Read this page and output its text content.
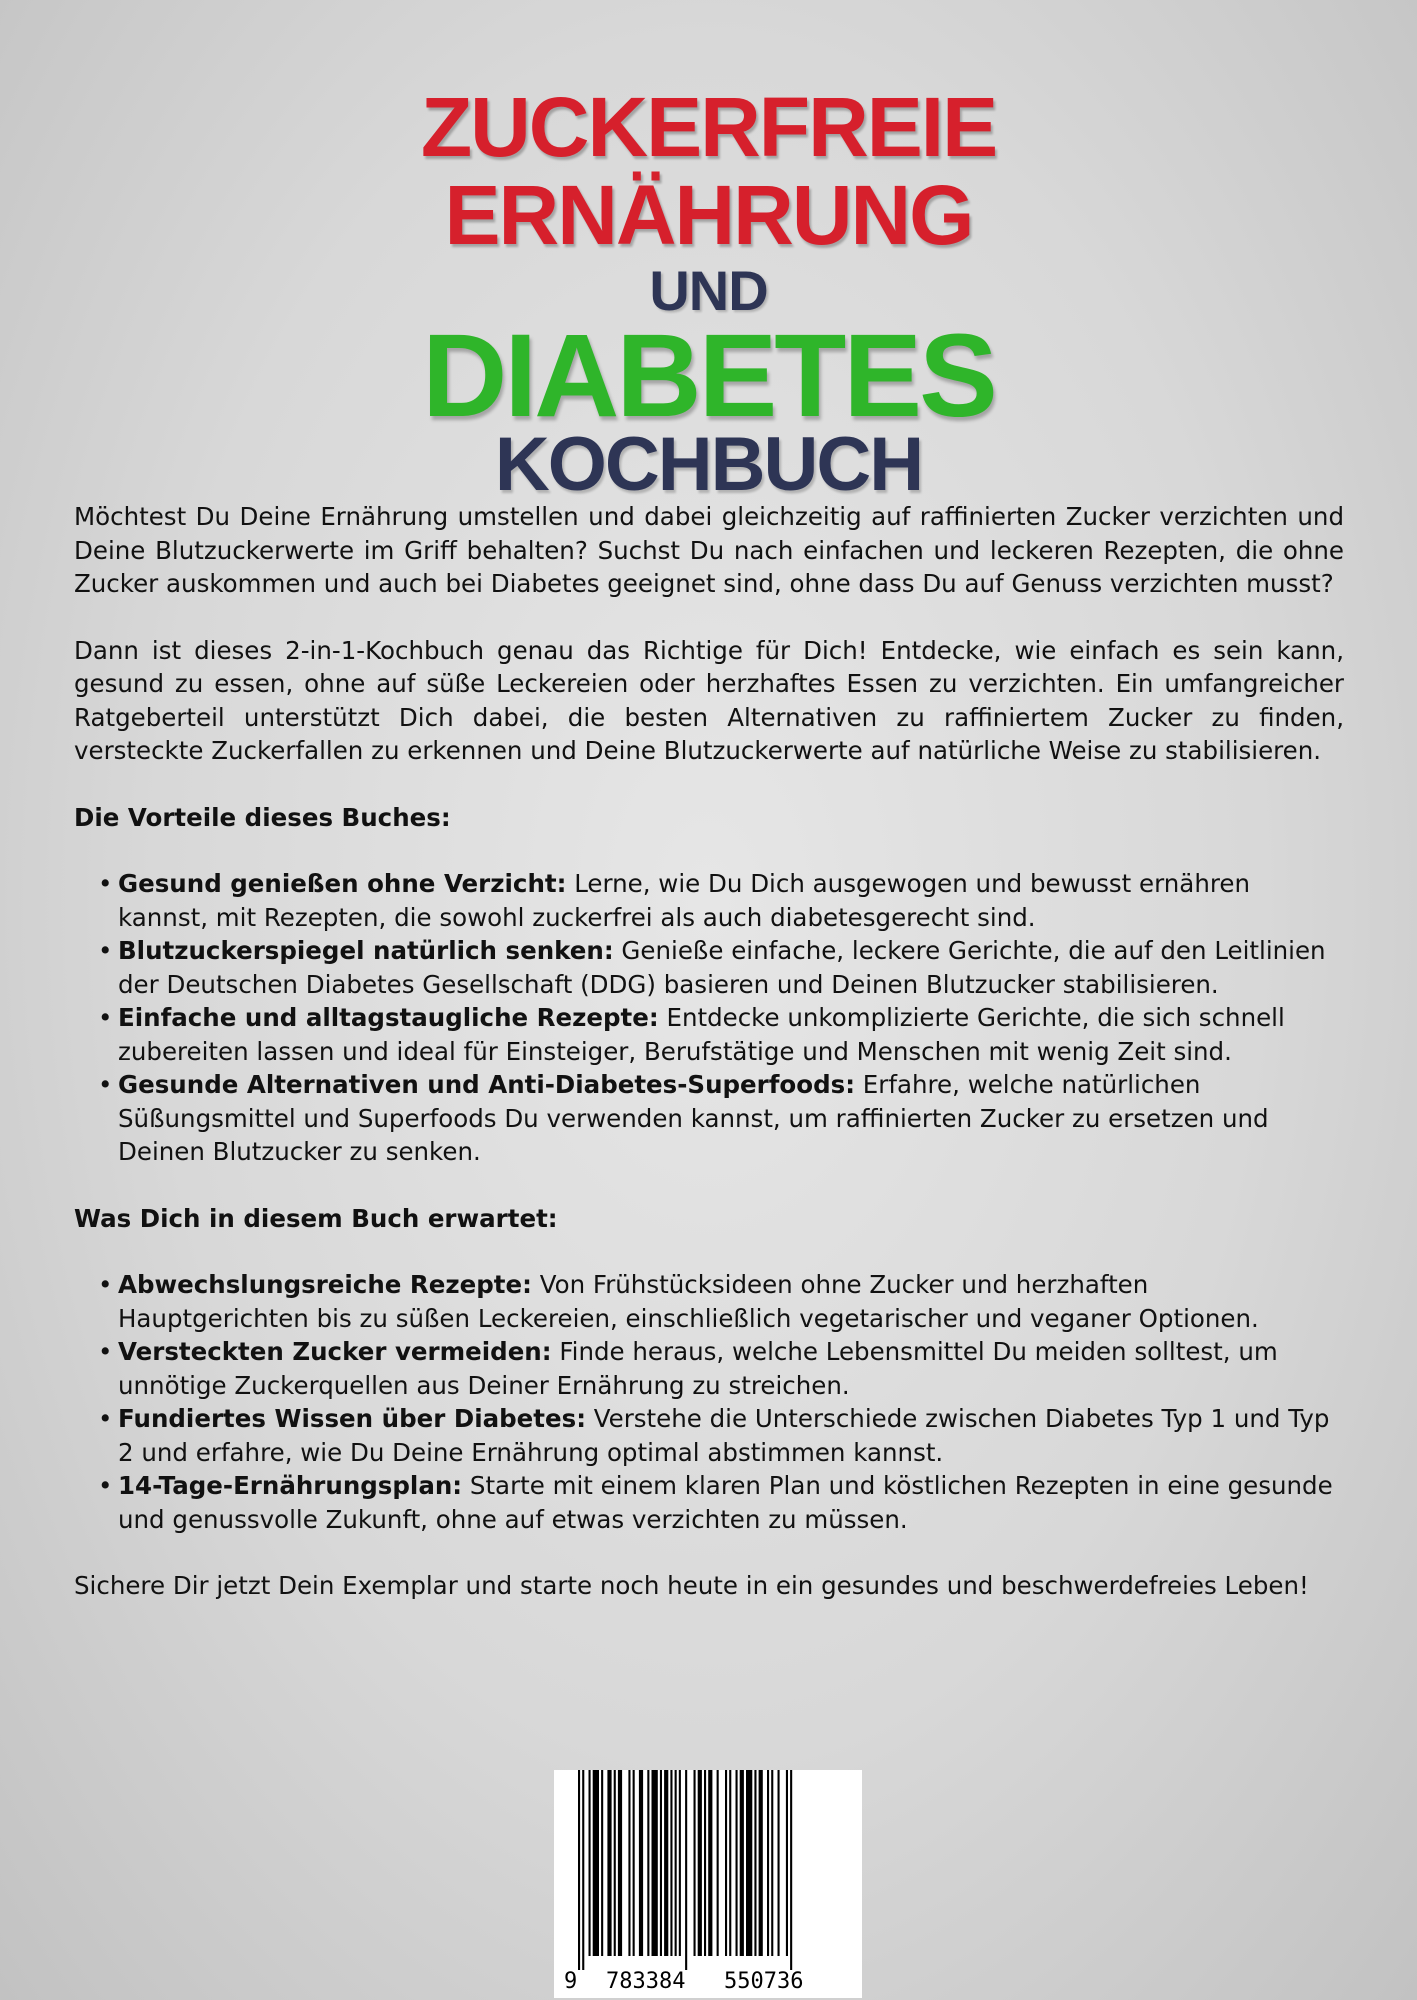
ZUCKERFREIE
ERNÄHRUNG
UND
DIABETES
KOCHBUCH

Möchtest Du Deine Ernährung umstellen und dabei gleichzeitig auf raffinierten Zucker verzichten und Deine Blutzuckerwerte im Griff behalten? Suchst Du nach einfachen und leckeren Rezepten, die ohne Zucker auskommen und auch bei Diabetes geeignet sind, ohne dass Du auf Genuss verzichten musst?

Dann ist dieses 2-in-1-Kochbuch genau das Richtige für Dich! Entdecke, wie einfach es sein kann, gesund zu essen, ohne auf süße Leckereien oder herzhaftes Essen zu verzichten. Ein umfangreicher Ratgeberteil unterstützt Dich dabei, die besten Alternativen zu raffiniertem Zucker zu finden, versteckte Zuckerfallen zu erkennen und Deine Blutzuckerwerte auf natürliche Weise zu stabilisieren.

Die Vorteile dieses Buches:

• Gesund genießen ohne Verzicht: Lerne, wie Du Dich ausgewogen und bewusst ernähren kannst, mit Rezepten, die sowohl zuckerfrei als auch diabetesgerecht sind.
• Blutzuckerspiegel natürlich senken: Genieße einfache, leckere Gerichte, die auf den Leitlinien der Deutschen Diabetes Gesellschaft (DDG) basieren und Deinen Blutzucker stabilisieren.
• Einfache und alltagstaugliche Rezepte: Entdecke unkomplizierte Gerichte, die sich schnell zubereiten lassen und ideal für Einsteiger, Berufstätige und Menschen mit wenig Zeit sind.
• Gesunde Alternativen und Anti-Diabetes-Superfoods: Erfahre, welche natürlichen Süßungsmittel und Superfoods Du verwenden kannst, um raffinierten Zucker zu ersetzen und Deinen Blutzucker zu senken.

Was Dich in diesem Buch erwartet:

• Abwechslungsreiche Rezepte: Von Frühstücksideen ohne Zucker und herzhaften Hauptgerichten bis zu süßen Leckereien, einschließlich vegetarischer und veganer Optionen.
• Versteckten Zucker vermeiden: Finde heraus, welche Lebensmittel Du meiden solltest, um unnötige Zuckerquellen aus Deiner Ernährung zu streichen.
• Fundiertes Wissen über Diabetes: Verstehe die Unterschiede zwischen Diabetes Typ 1 und Typ 2 und erfahre, wie Du Deine Ernährung optimal abstimmen kannst.
• 14-Tage-Ernährungsplan: Starte mit einem klaren Plan und köstlichen Rezepten in eine gesunde und genussvolle Zukunft, ohne auf etwas verzichten zu müssen.

Sichere Dir jetzt Dein Exemplar und starte noch heute in ein gesundes und beschwerdefreies Leben!

9 783384 550736
